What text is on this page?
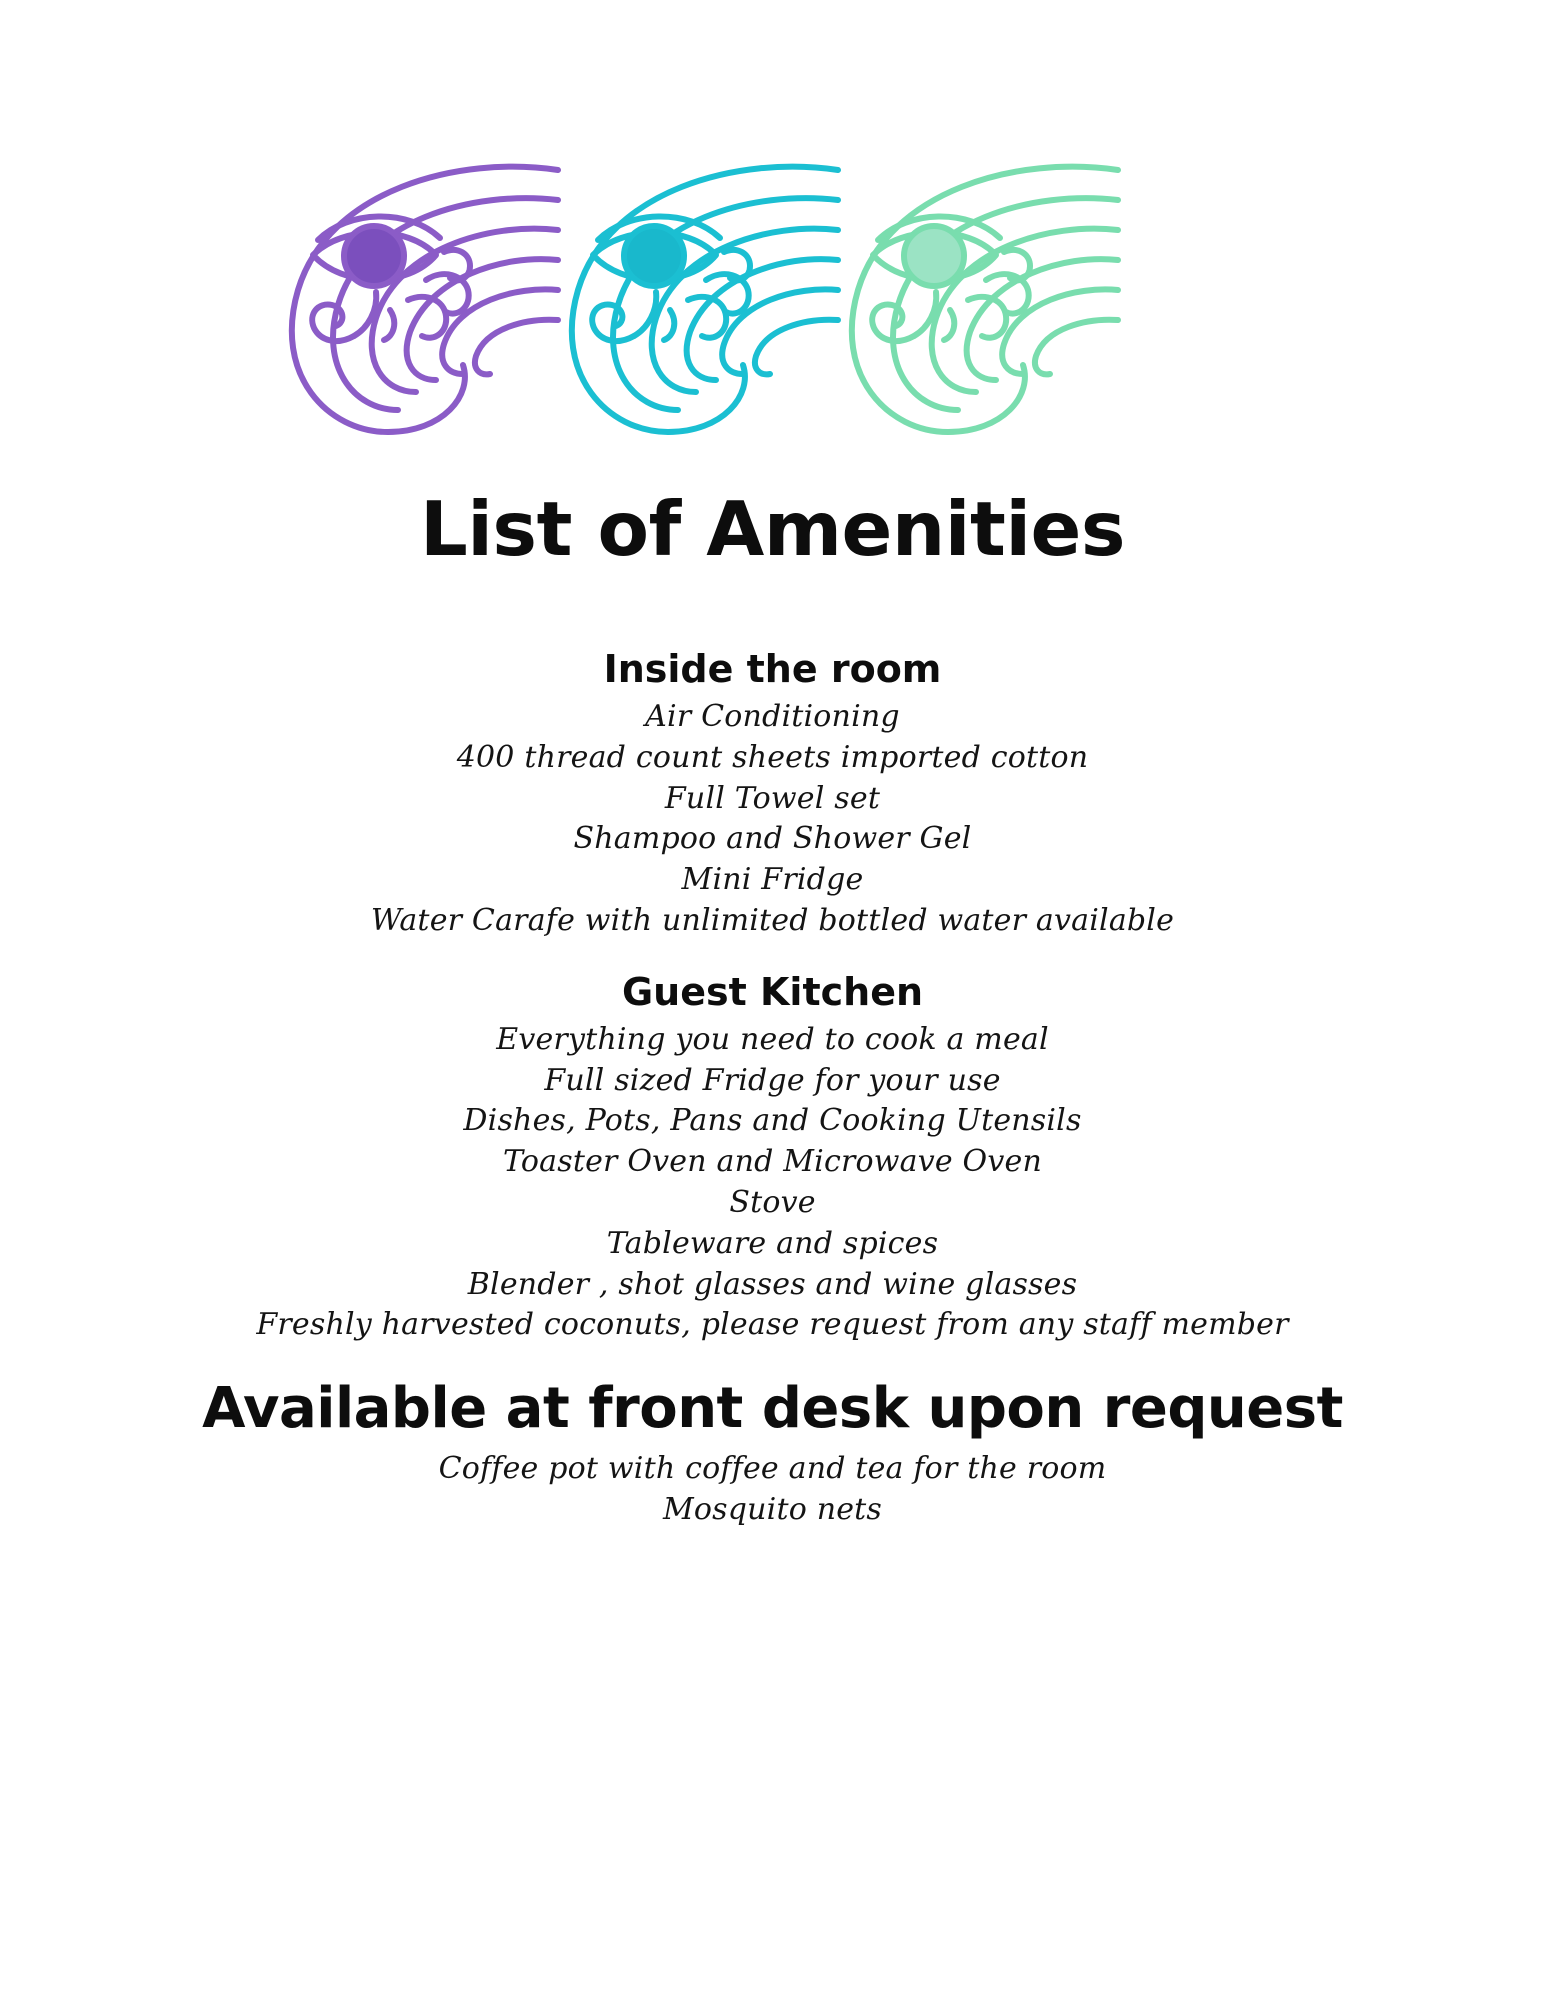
List of Amenities
Inside the room
Air Conditioning
400 thread count sheets imported cotton
Full Towel set
Shampoo and Shower Gel
Mini Fridge
Water Carafe with unlimited bottled water available
Guest Kitchen
Everything you need to cook a meal
Full sized Fridge for your use
Dishes, Pots, Pans and Cooking Utensils
Toaster Oven and Microwave Oven
Stove
Tableware and spices
Blender , shot glasses and wine glasses
Freshly harvested coconuts, please request from any staff member
Available at front desk upon request
Coffee pot with coffee and tea for the room
Mosquito nets
